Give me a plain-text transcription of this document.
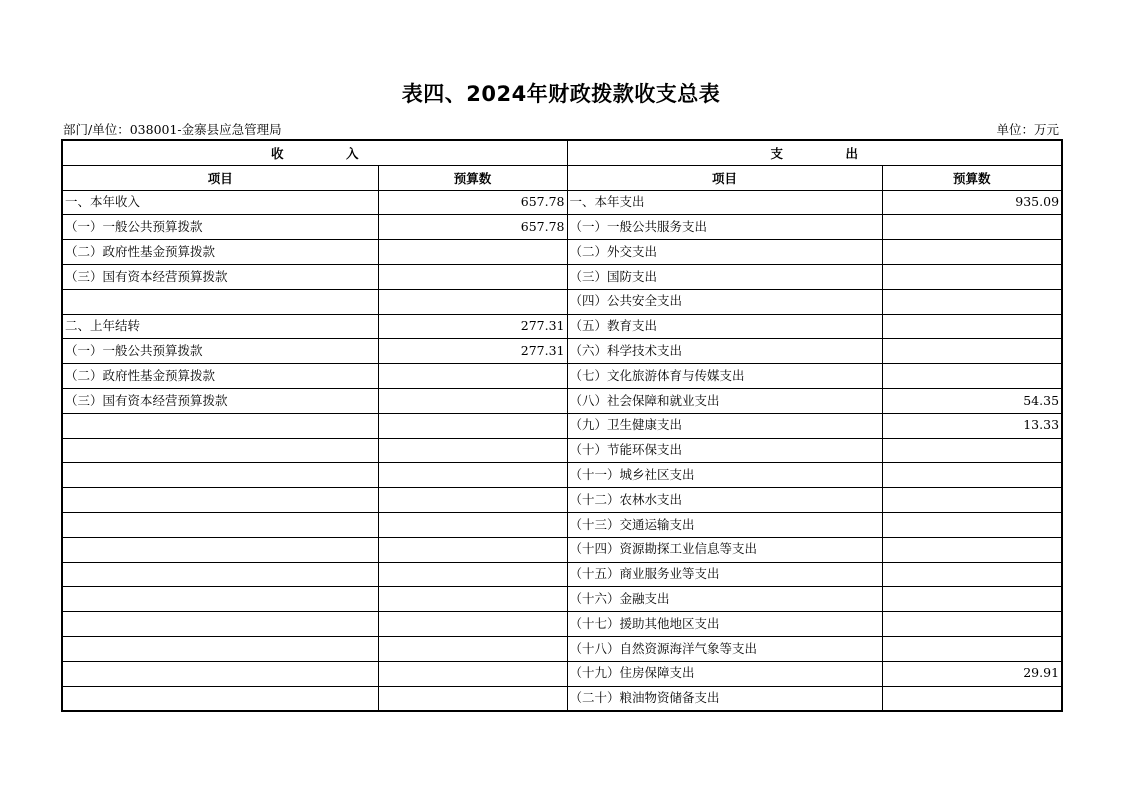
表四、2024年财政拨款收支总表
部门/单位：038001-金寨县应急管理局	单位：万元
收　　　　　入		支　　　　　出	
项目	预算数	项目	预算数
一、本年收入	657.78	一、本年支出	935.09
（一）一般公共预算拨款	657.78	（一）一般公共服务支出	
（二）政府性基金预算拨款		（二）外交支出	
（三）国有资本经营预算拨款		（三）国防支出	
		（四）公共安全支出	
二、上年结转	277.31	（五）教育支出	
（一）一般公共预算拨款	277.31	（六）科学技术支出	
（二）政府性基金预算拨款		（七）文化旅游体育与传媒支出	
（三）国有资本经营预算拨款		（八）社会保障和就业支出	54.35
		（九）卫生健康支出	13.33
		（十）节能环保支出	
		（十一）城乡社区支出	
		（十二）农林水支出	
		（十三）交通运输支出	
		（十四）资源勘探工业信息等支出	
		（十五）商业服务业等支出	
		（十六）金融支出	
		（十七）援助其他地区支出	
		（十八）自然资源海洋气象等支出	
		（十九）住房保障支出	29.91
		（二十）粮油物资储备支出	
